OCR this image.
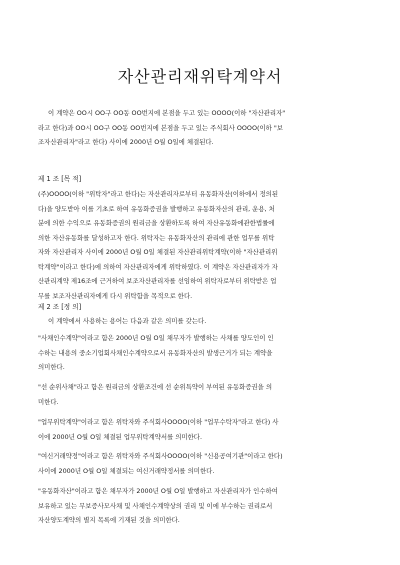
자산관리재위탁계약서
이 계약은 OO시 OO구 OO동 OO번지에 본점을 두고 있는 OOOO(이하 "자산관리자"
라고 한다)과 OO시 OO구 OO동 OO번지에 본점을 두고 있는 주식회사 OOOO(이하 "보
조자산관리자"라고 한다) 사이에 2000년 O월 O일에 체결된다.
제 1 조 [목 적]
(주)OOOO(이하 "위탁자"라고 한다)는 자산관리자로부터 유동화자산(이하에서 정의된
다)을 양도받아 이를 기초로 하여 유동화증권을 발행하고 유동화자산의 관리, 운용, 처
분에 의한 수익으로 유동화증권의 원리금을 상환하도록 하여 자산유동화에관한법률에
의한 자산유동화를 달성하고자 한다. 위탁자는 유동화자산의 관리에 관한 업무를 위탁
자와 자산관리자 사이에 2000년 O월 O일 체결된 자산관리위탁계약(이하 "자산관리위
탁계약"이라고 한다)에 의하여 자산관리자에게 위탁하였다. 이 계약은 자산관리자가 자
산관리계약 제16조에 근거하여 보조자산관리자를 선임하여 위탁자로부터 위탁받은 업
무를 보조자산관리자에게 다시 위탁함을 목적으로 한다.
제 2 조 [정 의]
이 계약에서 사용하는 용어는 다음과 같은 의미를 갖는다.
"사채인수계약"이라고 함은 2000년 O월 O일 채무자가 발행하는 사채를 양도인이 인
수하는 내용의 중소기업회사채인수계약으로서 유동화자산의 발생근거가 되는 계약을
의미한다.
"선 순위사채"라고 함은 원리금의 상환조건에 선 순위특약이 부여된 유동화증권을 의
미한다.
"업무위탁계약"이라고 함은 위탁자와 주식회사OOOO(이하 "업무수탁자"라고 한다) 사
이에 2000년 O월 O일 체결된 업무위탁계약서를 의미한다.
"여신거래약정"이라고 함은 위탁자와 주식회사OOOO(이하 "신용공여기관"이라고 한다)
사이에 2000년 O월 O일 체결되는 여신거래약정서를 의미한다.
"유동화자산"이라고 함은 채무자가 2000년 O월 O일 발행하고 자산관리자가 인수하여
보유하고 있는 무보증사모사채 및 사채인수계약상의 권리 및 이에 부수하는 권리로서
자산양도계약의 별지 목록에 기재된 것을 의미한다.
